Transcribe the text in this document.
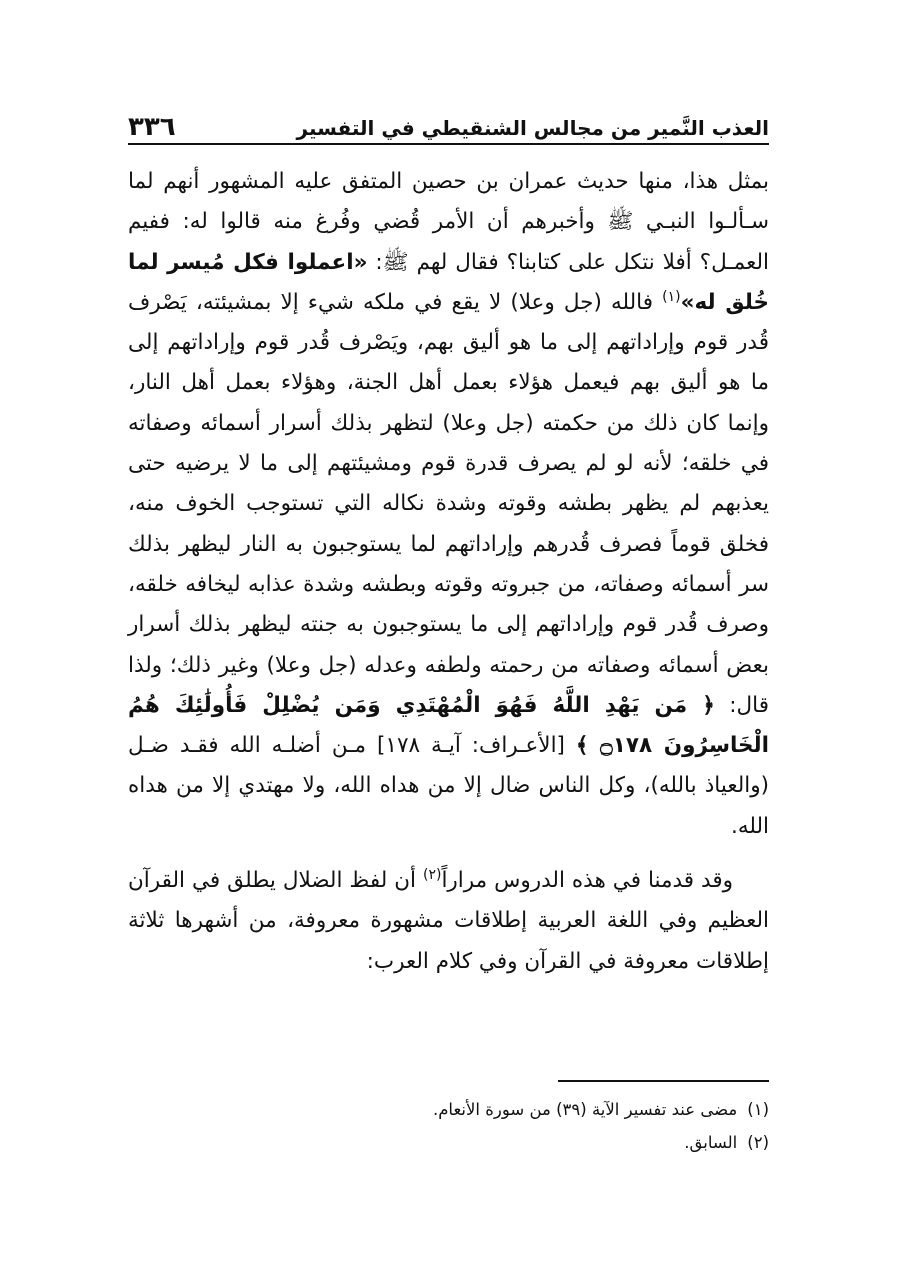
٣٣٦	العذب النَّمير من مجالس الشنقيطي في التفسير

بمثل هذا، منها حديث عمران بن حصين المتفق عليه المشهور أنهم لما سـألـوا النبـي ﷺ وأخبرهم أن الأمر قُضي وفُرغ منه قالوا له: ففيم العمـل؟ أفلا نتكل على كتابنا؟ فقال لهم ﷺ: «اعملوا فكل مُيسر لما خُلق له»$^{(١)}$ فالله (جل وعلا) لا يقع في ملكه شيء إلا بمشيئته، يَصْرف قُدر قوم وإراداتهم إلى ما هو أليق بهم، ويَصْرف قُدر قوم وإراداتهم إلى ما هو أليق بهم فيعمل هؤلاء بعمل أهل الجنة، وهؤلاء بعمل أهل النار، وإنما كان ذلك من حكمته (جل وعلا) لتظهر بذلك أسرار أسمائه وصفاته في خلقه؛ لأنه لو لم يصرف قدرة قوم ومشيئتهم إلى ما لا يرضيه حتى يعذبهم لم يظهر بطشه وقوته وشدة نكاله التي تستوجب الخوف منه، فخلق قوماً فصرف قُدرهم وإراداتهم لما يستوجبون به النار ليظهر بذلك سر أسمائه وصفاته، من جبروته وقوته وبطشه وشدة عذابه ليخافه خلقه، وصرف قُدر قوم وإراداتهم إلى ما يستوجبون به جنته ليظهر بذلك أسرار بعض أسمائه وصفاته من رحمته ولطفه وعدله (جل وعلا) وغير ذلك؛ ولذا قال: ﴿ مَن يَهْدِ اللَّهُ فَهُوَ الْمُهْتَدِي وَمَن يُضْلِلْ فَأُولَٰئِكَ هُمُ الْخَاسِرُونَ ۝١٧٨ ﴾ [الأعـراف: آيـة ١٧٨] مـن أضلـه الله فقـد ضـل (والعياذ بالله)، وكل الناس ضال إلا من هداه الله، ولا مهتدي إلا من هداه الله.

وقد قدمنا في هذه الدروس مراراً$^{(٢)}$ أن لفظ الضلال يطلق في القرآن العظيم وفي اللغة العربية إطلاقات مشهورة معروفة، من أشهرها ثلاثة إطلاقات معروفة في القرآن وفي كلام العرب:

(١)مضى عند تفسير الآية (٣٩) من سورة الأنعام.

(٢)السابق.
